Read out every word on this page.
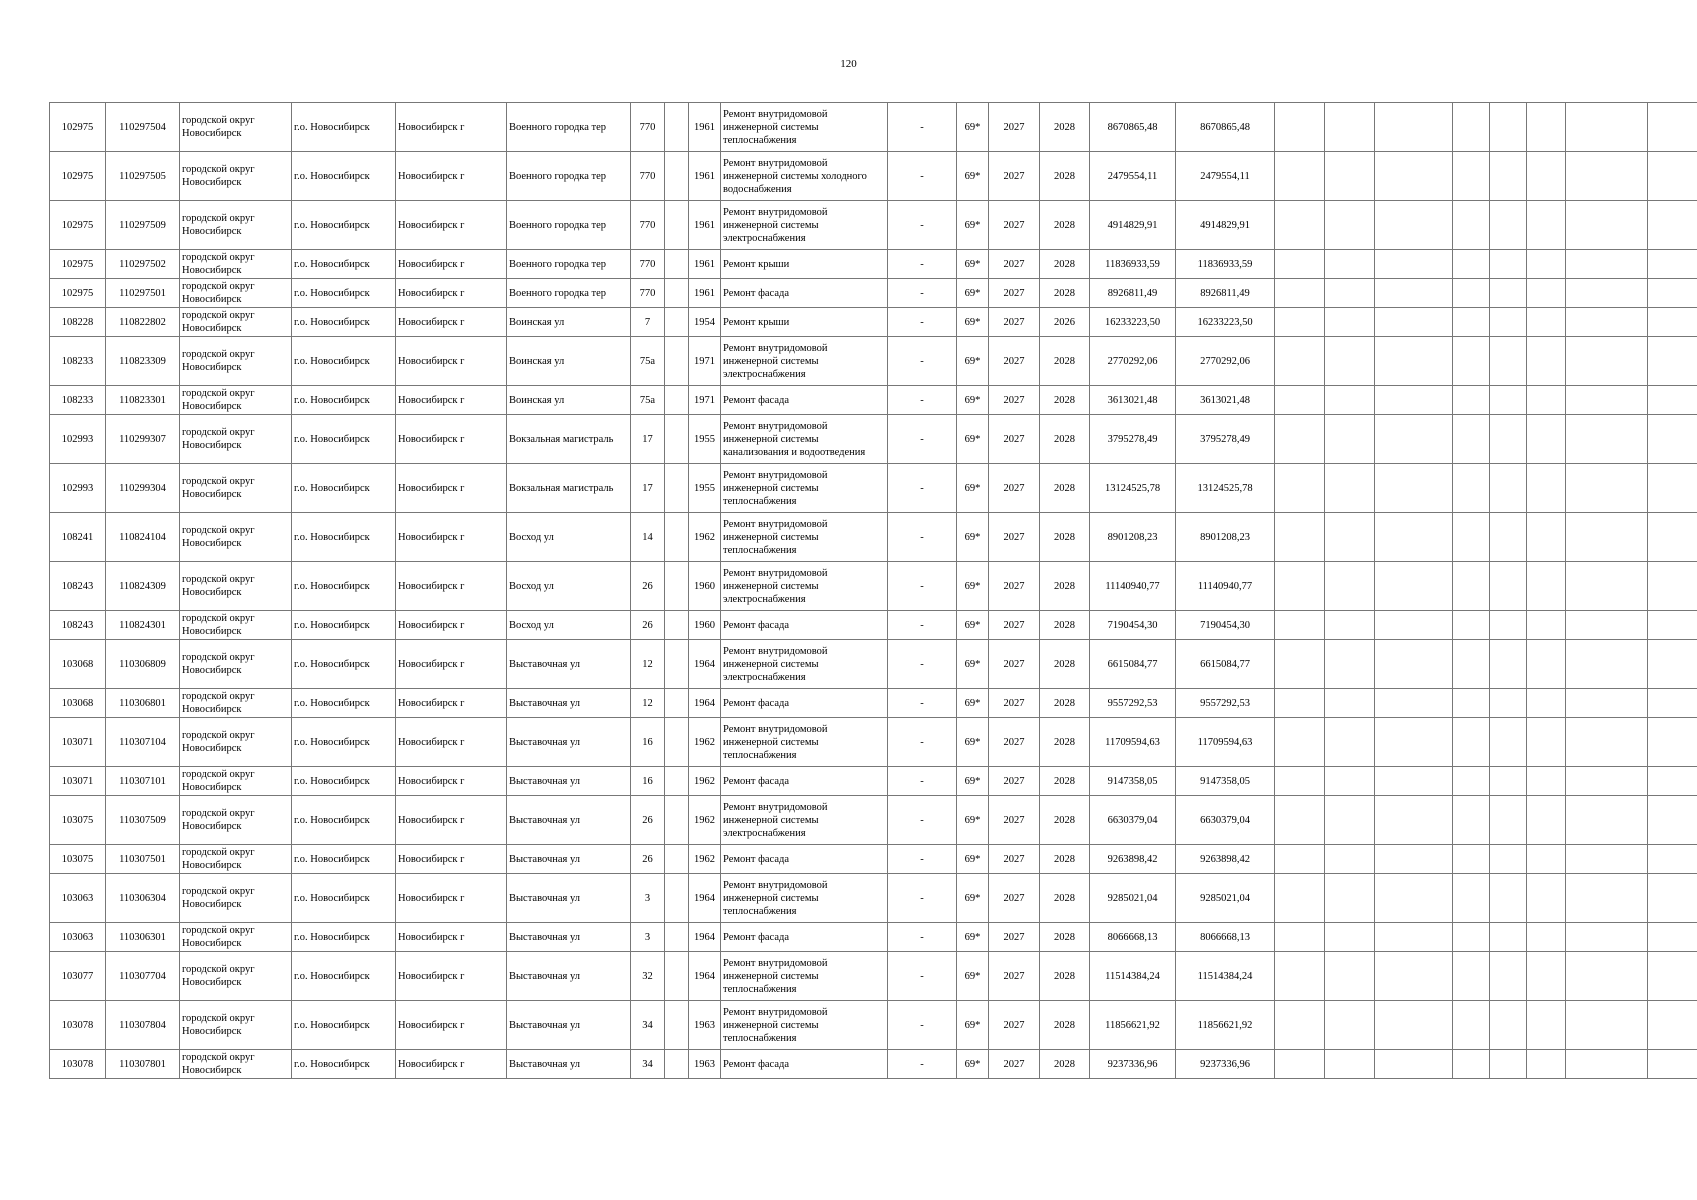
120
102975	110297504	городской округ Новосибирск	г.о. Новосибирск	Новосибирск г	Военного городка тер	770		1961	Ремонт внутридомовой инженерной системы теплоснабжения	-	69*	2027	2028	8670865,48	8670865,48								
102975	110297505	городской округ Новосибирск	г.о. Новосибирск	Новосибирск г	Военного городка тер	770		1961	Ремонт внутридомовой инженерной системы холодного водоснабжения	-	69*	2027	2028	2479554,11	2479554,11								
102975	110297509	городской округ Новосибирск	г.о. Новосибирск	Новосибирск г	Военного городка тер	770		1961	Ремонт внутридомовой инженерной системы электроснабжения	-	69*	2027	2028	4914829,91	4914829,91								
102975	110297502	городской округ Новосибирск	г.о. Новосибирск	Новосибирск г	Военного городка тер	770		1961	Ремонт крыши	-	69*	2027	2028	11836933,59	11836933,59								
102975	110297501	городской округ Новосибирск	г.о. Новосибирск	Новосибирск г	Военного городка тер	770		1961	Ремонт фасада	-	69*	2027	2028	8926811,49	8926811,49								
108228	110822802	городской округ Новосибирск	г.о. Новосибирск	Новосибирск г	Воинская ул	7		1954	Ремонт крыши	-	69*	2027	2026	16233223,50	16233223,50								
108233	110823309	городской округ Новосибирск	г.о. Новосибирск	Новосибирск г	Воинская ул	75а		1971	Ремонт внутридомовой инженерной системы электроснабжения	-	69*	2027	2028	2770292,06	2770292,06								
108233	110823301	городской округ Новосибирск	г.о. Новосибирск	Новосибирск г	Воинская ул	75а		1971	Ремонт фасада	-	69*	2027	2028	3613021,48	3613021,48								
102993	110299307	городской округ Новосибирск	г.о. Новосибирск	Новосибирск г	Вокзальная магистраль	17		1955	Ремонт внутридомовой инженерной системы канализования и водоотведения	-	69*	2027	2028	3795278,49	3795278,49								
102993	110299304	городской округ Новосибирск	г.о. Новосибирск	Новосибирск г	Вокзальная магистраль	17		1955	Ремонт внутридомовой инженерной системы теплоснабжения	-	69*	2027	2028	13124525,78	13124525,78								
108241	110824104	городской округ Новосибирск	г.о. Новосибирск	Новосибирск г	Восход ул	14		1962	Ремонт внутридомовой инженерной системы теплоснабжения	-	69*	2027	2028	8901208,23	8901208,23								
108243	110824309	городской округ Новосибирск	г.о. Новосибирск	Новосибирск г	Восход ул	26		1960	Ремонт внутридомовой инженерной системы электроснабжения	-	69*	2027	2028	11140940,77	11140940,77								
108243	110824301	городской округ Новосибирск	г.о. Новосибирск	Новосибирск г	Восход ул	26		1960	Ремонт фасада	-	69*	2027	2028	7190454,30	7190454,30								
103068	110306809	городской округ Новосибирск	г.о. Новосибирск	Новосибирск г	Выставочная ул	12		1964	Ремонт внутридомовой инженерной системы электроснабжения	-	69*	2027	2028	6615084,77	6615084,77								
103068	110306801	городской округ Новосибирск	г.о. Новосибирск	Новосибирск г	Выставочная ул	12		1964	Ремонт фасада	-	69*	2027	2028	9557292,53	9557292,53								
103071	110307104	городской округ Новосибирск	г.о. Новосибирск	Новосибирск г	Выставочная ул	16		1962	Ремонт внутридомовой инженерной системы теплоснабжения	-	69*	2027	2028	11709594,63	11709594,63								
103071	110307101	городской округ Новосибирск	г.о. Новосибирск	Новосибирск г	Выставочная ул	16		1962	Ремонт фасада	-	69*	2027	2028	9147358,05	9147358,05								
103075	110307509	городской округ Новосибирск	г.о. Новосибирск	Новосибирск г	Выставочная ул	26		1962	Ремонт внутридомовой инженерной системы электроснабжения	-	69*	2027	2028	6630379,04	6630379,04								
103075	110307501	городской округ Новосибирск	г.о. Новосибирск	Новосибирск г	Выставочная ул	26		1962	Ремонт фасада	-	69*	2027	2028	9263898,42	9263898,42								
103063	110306304	городской округ Новосибирск	г.о. Новосибирск	Новосибирск г	Выставочная ул	3		1964	Ремонт внутридомовой инженерной системы теплоснабжения	-	69*	2027	2028	9285021,04	9285021,04								
103063	110306301	городской округ Новосибирск	г.о. Новосибирск	Новосибирск г	Выставочная ул	3		1964	Ремонт фасада	-	69*	2027	2028	8066668,13	8066668,13								
103077	110307704	городской округ Новосибирск	г.о. Новосибирск	Новосибирск г	Выставочная ул	32		1964	Ремонт внутридомовой инженерной системы теплоснабжения	-	69*	2027	2028	11514384,24	11514384,24								
103078	110307804	городской округ Новосибирск	г.о. Новосибирск	Новосибирск г	Выставочная ул	34		1963	Ремонт внутридомовой инженерной системы теплоснабжения	-	69*	2027	2028	11856621,92	11856621,92								
103078	110307801	городской округ Новосибирск	г.о. Новосибирск	Новосибирск г	Выставочная ул	34		1963	Ремонт фасада	-	69*	2027	2028	9237336,96	9237336,96								
